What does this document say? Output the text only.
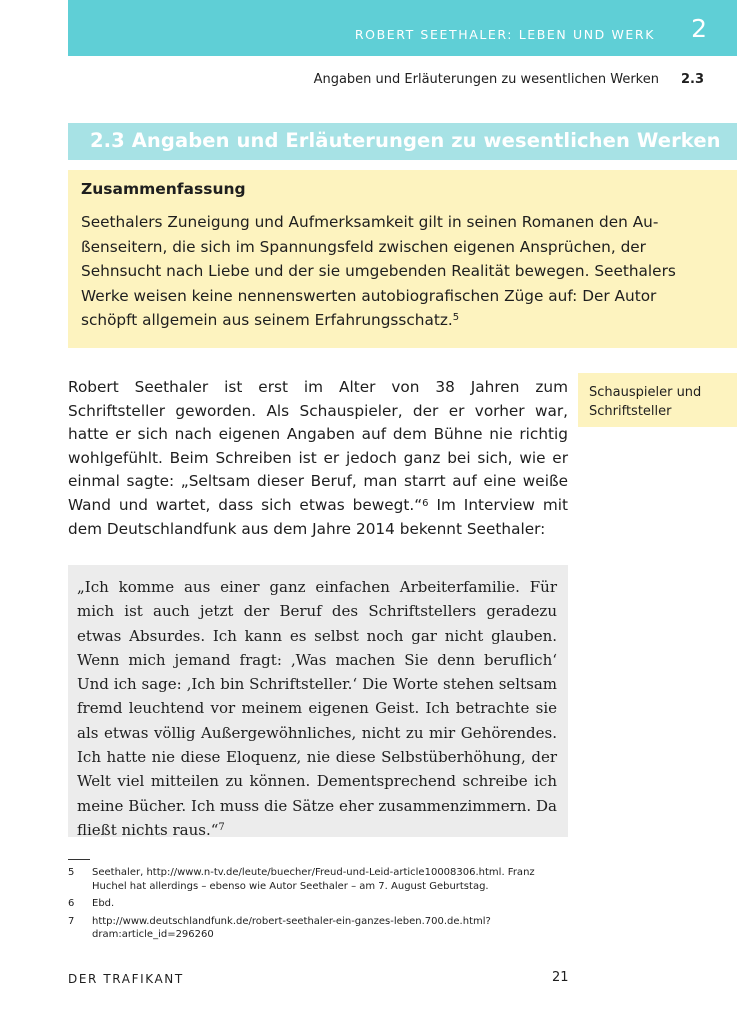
ROBERT SEETHALER: LEBEN UND WERK 2
Angaben und Erläuterungen zu wesentlichen Werken 2.3
2.3 Angaben und Erläuterungen zu wesentlichen Werken
Zusammenfassung
Seethalers Zuneigung und Aufmerksamkeit gilt in seinen Romanen den Außenseitern, die sich im Spannungsfeld zwischen eigenen Ansprüchen, der Sehnsucht nach Liebe und der sie umgebenden Realität bewegen. Seethalers Werke weisen keine nennenswerten autobiografischen Züge auf: Der Autor schöpft allgemein aus seinem Erfahrungsschatz.$^5$
Schauspieler und Schriftsteller
Robert Seethaler ist erst im Alter von 38 Jahren zum Schriftsteller geworden. Als Schauspieler, der er vorher war, hatte er sich nach eigenen Angaben auf dem Bühne nie richtig wohlgefühlt. Beim Schreiben ist er jedoch ganz bei sich, wie er einmal sagte: „Seltsam dieser Beruf, man starrt auf eine weiße Wand und wartet, dass sich etwas bewegt.“$^6$ Im Interview mit dem Deutschlandfunk aus dem Jahre 2014 bekennt Seethaler:
„Ich komme aus einer ganz einfachen Arbeiterfamilie. Für mich ist auch jetzt der Beruf des Schriftstellers geradezu etwas Absurdes. Ich kann es selbst noch gar nicht glauben. Wenn mich jemand fragt: ‚Was machen Sie denn beruflich‘ Und ich sage: ‚Ich bin Schriftsteller.‘ Die Worte stehen seltsam fremd leuchtend vor meinem eigenen Geist. Ich betrachte sie als etwas völlig Außergewöhnliches, nicht zu mir Gehörendes. Ich hatte nie diese Eloquenz, nie diese Selbstüberhöhung, der Welt viel mitteilen zu können. Dementsprechend schreibe ich meine Bücher. Ich muss die Sätze eher zusammenzimmern. Da fließt nichts raus.“$^7$
5 Seethaler, http://www.n-tv.de/leute/buecher/Freud-und-Leid-article10008306.html. Franz Huchel hat allerdings – ebenso wie Autor Seethaler – am 7. August Geburtstag.
6 Ebd.
7 http://www.deutschlandfunk.de/robert-seethaler-ein-ganzes-leben.700.de.html?dram:article_id=296260
DER TRAFIKANT	21
